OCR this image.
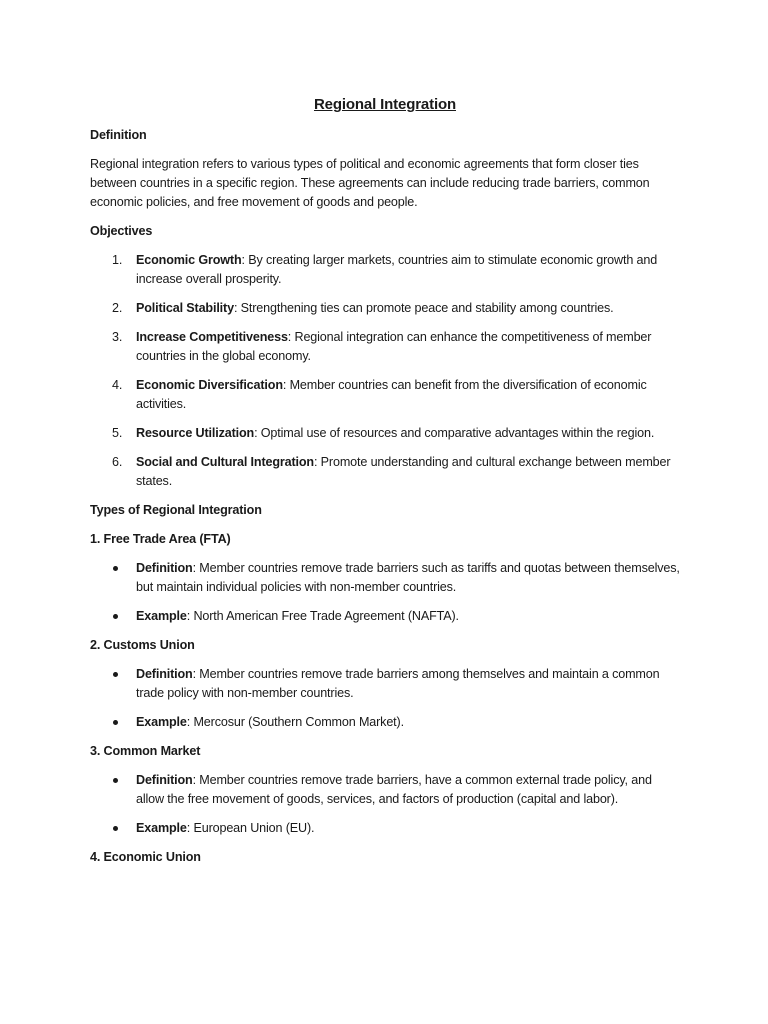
Regional Integration
Definition
Regional integration refers to various types of political and economic agreements that form closer ties between countries in a specific region. These agreements can include reducing trade barriers, common economic policies, and free movement of goods and people.
Objectives
1. Economic Growth: By creating larger markets, countries aim to stimulate economic growth and increase overall prosperity.
2. Political Stability: Strengthening ties can promote peace and stability among countries.
3. Increase Competitiveness: Regional integration can enhance the competitiveness of member countries in the global economy.
4. Economic Diversification: Member countries can benefit from the diversification of economic activities.
5. Resource Utilization: Optimal use of resources and comparative advantages within the region.
6. Social and Cultural Integration: Promote understanding and cultural exchange between member states.
Types of Regional Integration
1. Free Trade Area (FTA)
Definition: Member countries remove trade barriers such as tariffs and quotas between themselves, but maintain individual policies with non-member countries.
Example: North American Free Trade Agreement (NAFTA).
2. Customs Union
Definition: Member countries remove trade barriers among themselves and maintain a common trade policy with non-member countries.
Example: Mercosur (Southern Common Market).
3. Common Market
Definition: Member countries remove trade barriers, have a common external trade policy, and allow the free movement of goods, services, and factors of production (capital and labor).
Example: European Union (EU).
4. Economic Union
